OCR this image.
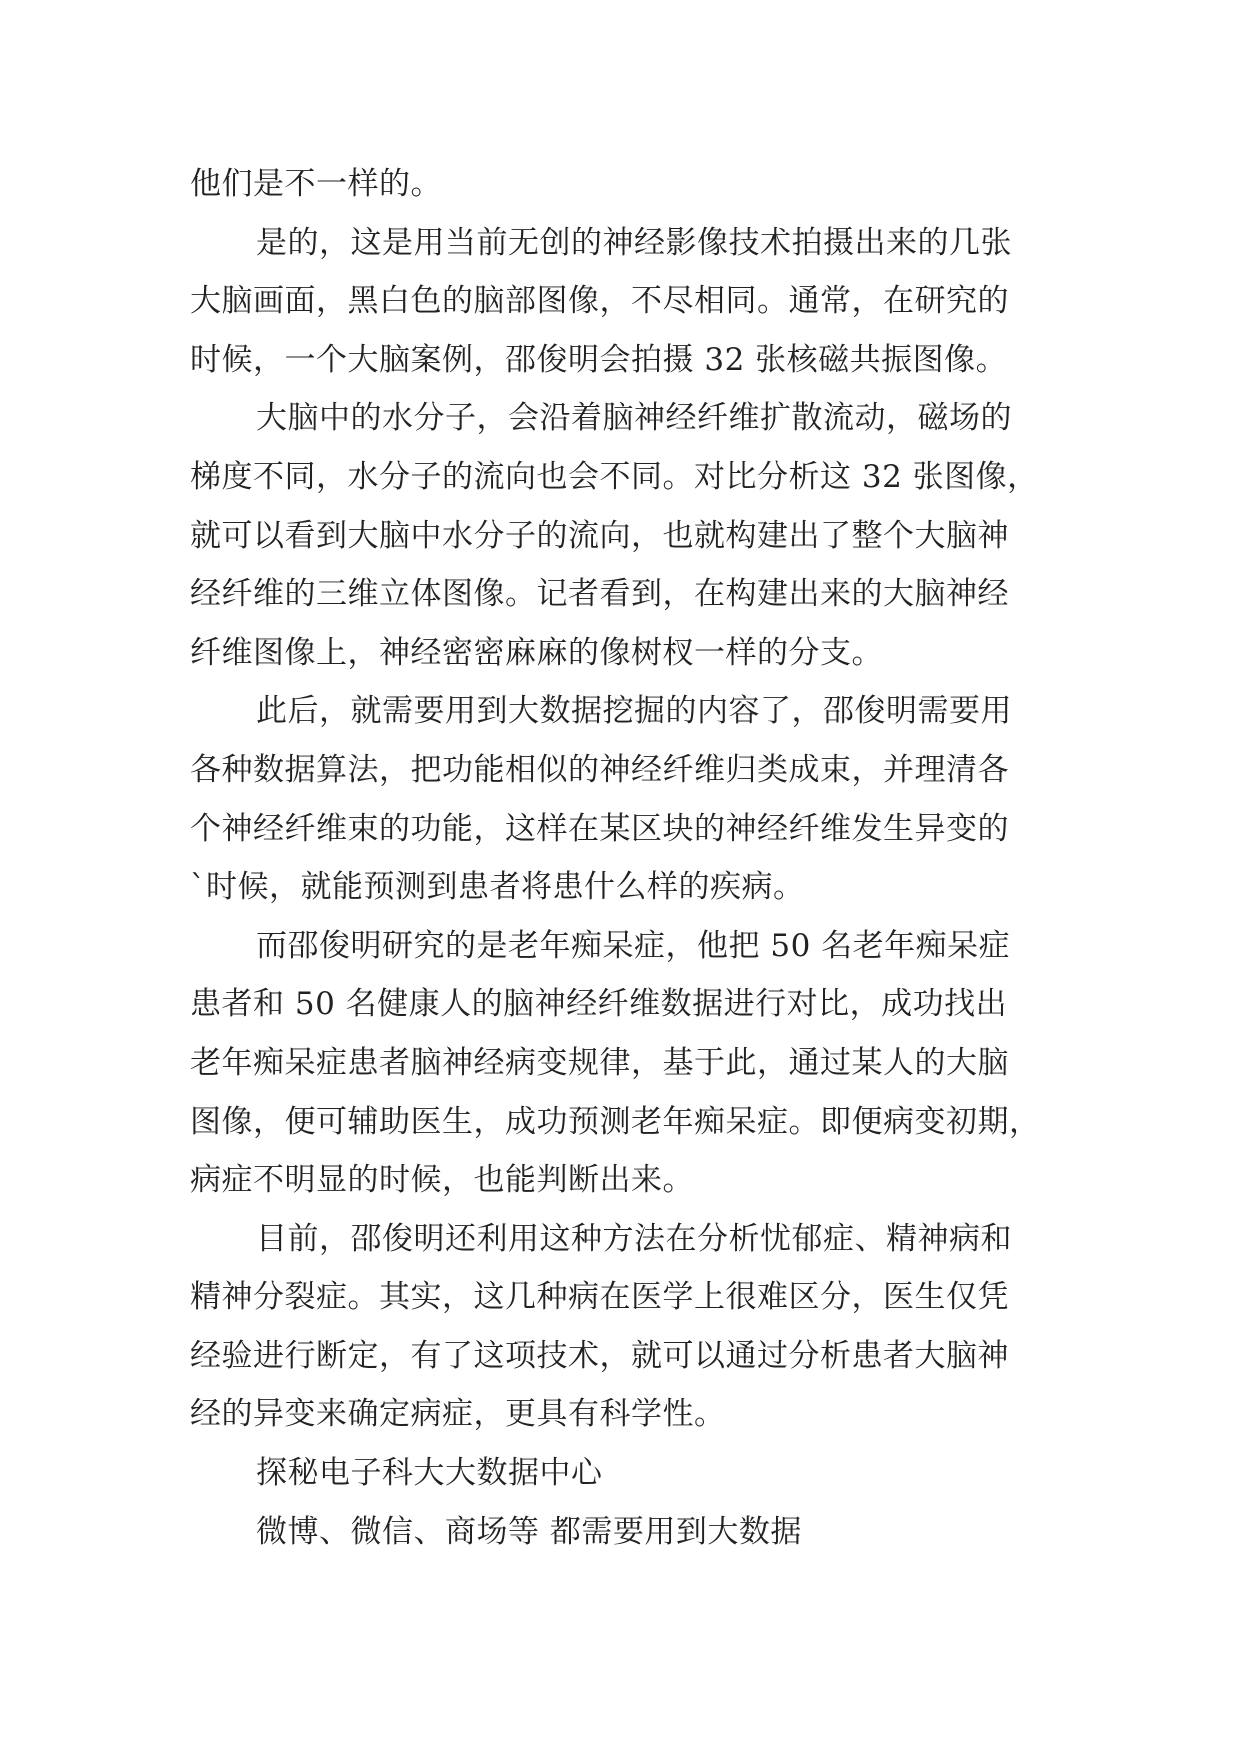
他们是不一样的。

是的，这是用当前无创的神经影像技术拍摄出来的几张

大脑画面，黑白色的脑部图像，不尽相同。通常，在研究的

时候，一个大脑案例，邵俊明会拍摄 32 张核磁共振图像。

大脑中的水分子，会沿着脑神经纤维扩散流动，磁场的

梯度不同，水分子的流向也会不同。对比分析这 32 张图像，

就可以看到大脑中水分子的流向，也就构建出了整个大脑神

经纤维的三维立体图像。记者看到，在构建出来的大脑神经

纤维图像上，神经密密麻麻的像树杈一样的分支。

此后，就需要用到大数据挖掘的内容了，邵俊明需要用

各种数据算法，把功能相似的神经纤维归类成束，并理清各

个神经纤维束的功能，这样在某区块的神经纤维发生异变的

`时候，就能预测到患者将患什么样的疾病。

而邵俊明研究的是老年痴呆症，他把 50 名老年痴呆症

患者和 50 名健康人的脑神经纤维数据进行对比，成功找出

老年痴呆症患者脑神经病变规律，基于此，通过某人的大脑

图像，便可辅助医生，成功预测老年痴呆症。即便病变初期，

病症不明显的时候，也能判断出来。

目前，邵俊明还利用这种方法在分析忧郁症、精神病和

精神分裂症。其实，这几种病在医学上很难区分，医生仅凭

经验进行断定，有了这项技术，就可以通过分析患者大脑神

经的异变来确定病症，更具有科学性。

探秘电子科大大数据中心

微博、微信、商场等 都需要用到大数据
